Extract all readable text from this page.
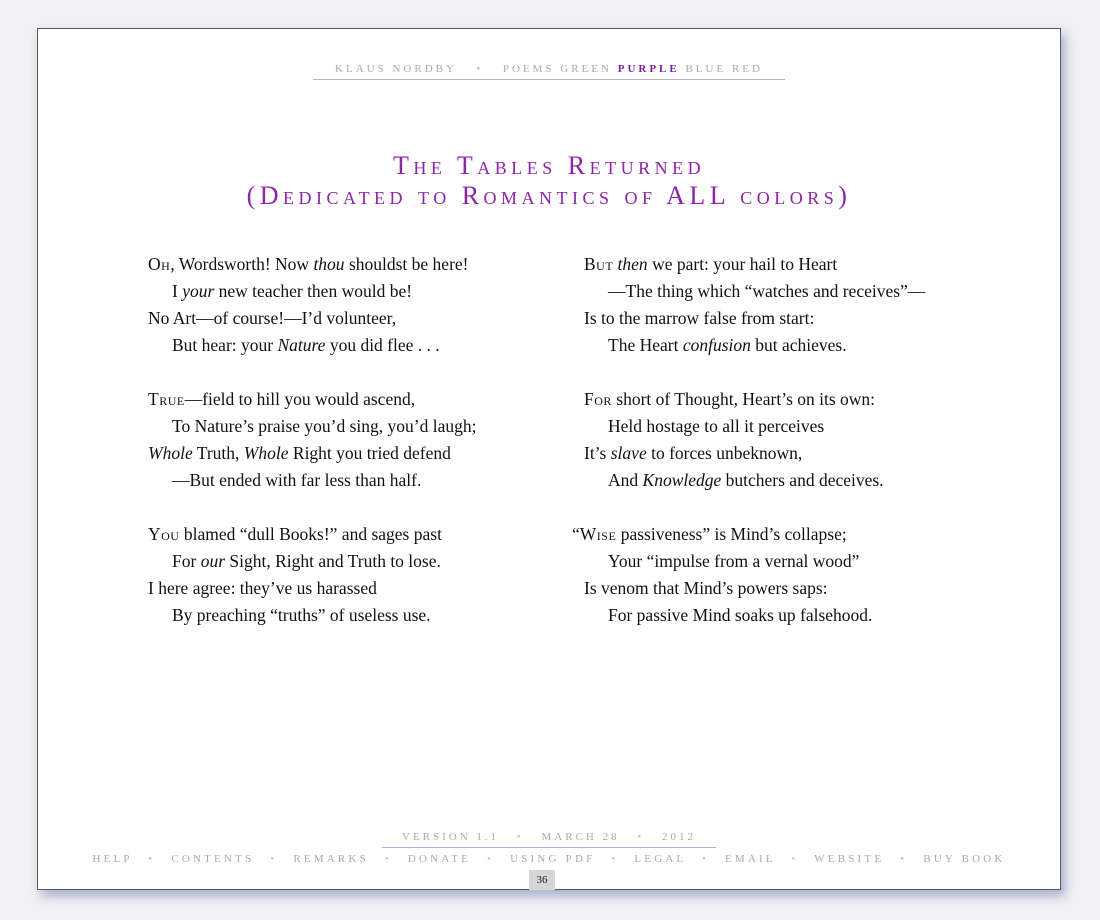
KLAUS NORDBY • POEMS GREEN PURPLE BLUE RED
The Tables Returned
(Dedicated to Romantics of ALL colors)
Oh, Wordsworth! Now thou shouldst be here!
I your new teacher then would be!
No Art—of course!—I’d volunteer,
But hear: your Nature you did flee . . .
True—field to hill you would ascend,
To Nature’s praise you’d sing, you’d laugh;
Whole Truth, Whole Right you tried defend
—But ended with far less than half.
You blamed “dull Books!” and sages past
For our Sight, Right and Truth to lose.
I here agree: they’ve us harassed
By preaching “truths” of useless use.
But then we part: your hail to Heart
—The thing which “watches and receives”—
Is to the marrow false from start:
The Heart confusion but achieves.
For short of Thought, Heart’s on its own:
Held hostage to all it perceives
It’s slave to forces unbeknown,
And Knowledge butchers and deceives.
“Wise passiveness” is Mind’s collapse;
Your “impulse from a vernal wood”
Is venom that Mind’s powers saps:
For passive Mind soaks up falsehood.
VERSION 1.1 • MARCH 28 • 2012
HELP • CONTENTS • REMARKS • DONATE • USING PDF • LEGAL • EMAIL • WEBSITE • BUY BOOK
36
